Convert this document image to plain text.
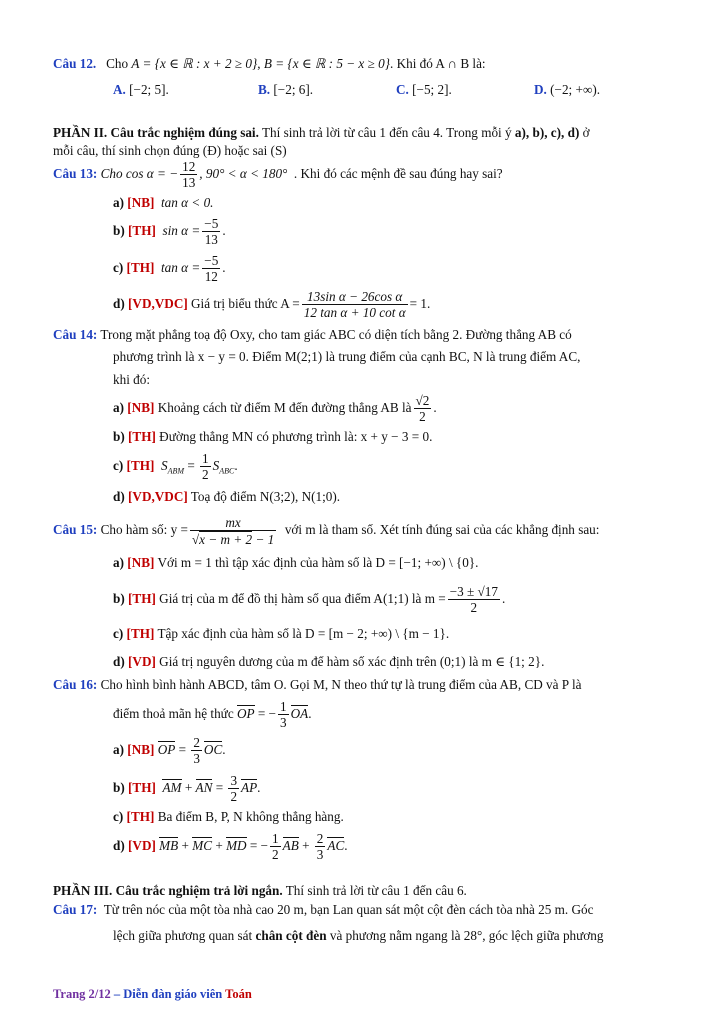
Câu 12. Cho A = {x ∈ ℝ : x + 2 ≥ 0}, B = {x ∈ ℝ : 5 − x ≥ 0}. Khi đó A ∩ B là:
A. [−2; 5].	B. [−2; 6].	C. [−5; 2].	D. (−2; +∞).
PHẦN II. Câu trắc nghiệm đúng sai. Thí sinh trả lời từ câu 1 đến câu 4. Trong mỗi ý a), b), c), d) ở
mỗi câu, thí sinh chọn đúng (Đ) hoặc sai (S)
Câu 13: Cho cos α = − $\frac{12}{13}$ , 90° < α < 180° . Khi đó các mệnh đề sau đúng hay sai?
a) [NB] tan α < 0.
b) [TH] $\sin \alpha = \frac{-5}{13}$ .
c) [TH] $\tan \alpha = \frac{-5}{12}$ .
d) [VD,VDC] Giá trị biểu thức $A = \frac{\text{13sin α − 26cos α}}{\text{12 tan α + 10 cot α}} = 1$.
Câu 14: Trong mặt phẳng toạ độ Oxy, cho tam giác ABC có diện tích bằng 2. Đường thẳng AB có
phương trình là x − y = 0. Điểm M(2;1) là trung điểm của cạnh BC, N là trung điểm AC,
khi đó:
a) [NB] Khoảng cách từ điểm M đến đường thẳng AB là $\frac{√2}{2}$ .
b) [TH] Đường thẳng MN có phương trình là: x + y − 3 = 0.
c) [TH] $S_{ABM} = \frac{1}{2} S_{ABC}$.
d) [VD,VDC] Toạ độ điểm N(3;2), N(1;0).
Câu 15: Cho hàm số: $y = \frac{mx}{√x - m + 2 - 1}$ với m là tham số. Xét tính đúng sai của các khẳng định sau:
a) [NB] Với m = 1 thì tập xác định của hàm số là D = [−1; +∞) \ {0}.
b) [TH] Giá trị của m để đồ thị hàm số qua điểm A(1;1) là $m = \frac{-3 \pm √17}{2}$ .
c) [TH] Tập xác định của hàm số là D = [m − 2; +∞) \ {m − 1}.
d) [VD] Giá trị nguyên dương của m để hàm số xác định trên (0;1) là m ∈ {1; 2}.
Câu 16: Cho hình bình hành ABCD, tâm O. Gọi M, N theo thứ tự là trung điểm của AB, CD và P là
điểm thoả mãn hệ thức OP = − $\frac{1}{3}$ OA.
a) [NB] OP = $\frac{2}{3}$ OC.
b) [TH] AM + AN = $\frac{3}{2}$ AP.
c) [TH] Ba điểm B, P, N không thẳng hàng.
d) [VD] MB + MC + MD = − $\frac{1}{2}$ AB + $\frac{2}{3}$ AC.
PHẦN III. Câu trắc nghiệm trả lời ngắn. Thí sinh trả lời từ câu 1 đến câu 6.
Câu 17: Từ trên nóc của một tòa nhà cao 20 m, bạn Lan quan sát một cột đèn cách tòa nhà 25 m. Góc
lệch giữa phương quan sát chân cột đèn và phương nằm ngang là 28°, góc lệch giữa phương
Trang 2/12 – Diễn đàn giáo viên Toán
